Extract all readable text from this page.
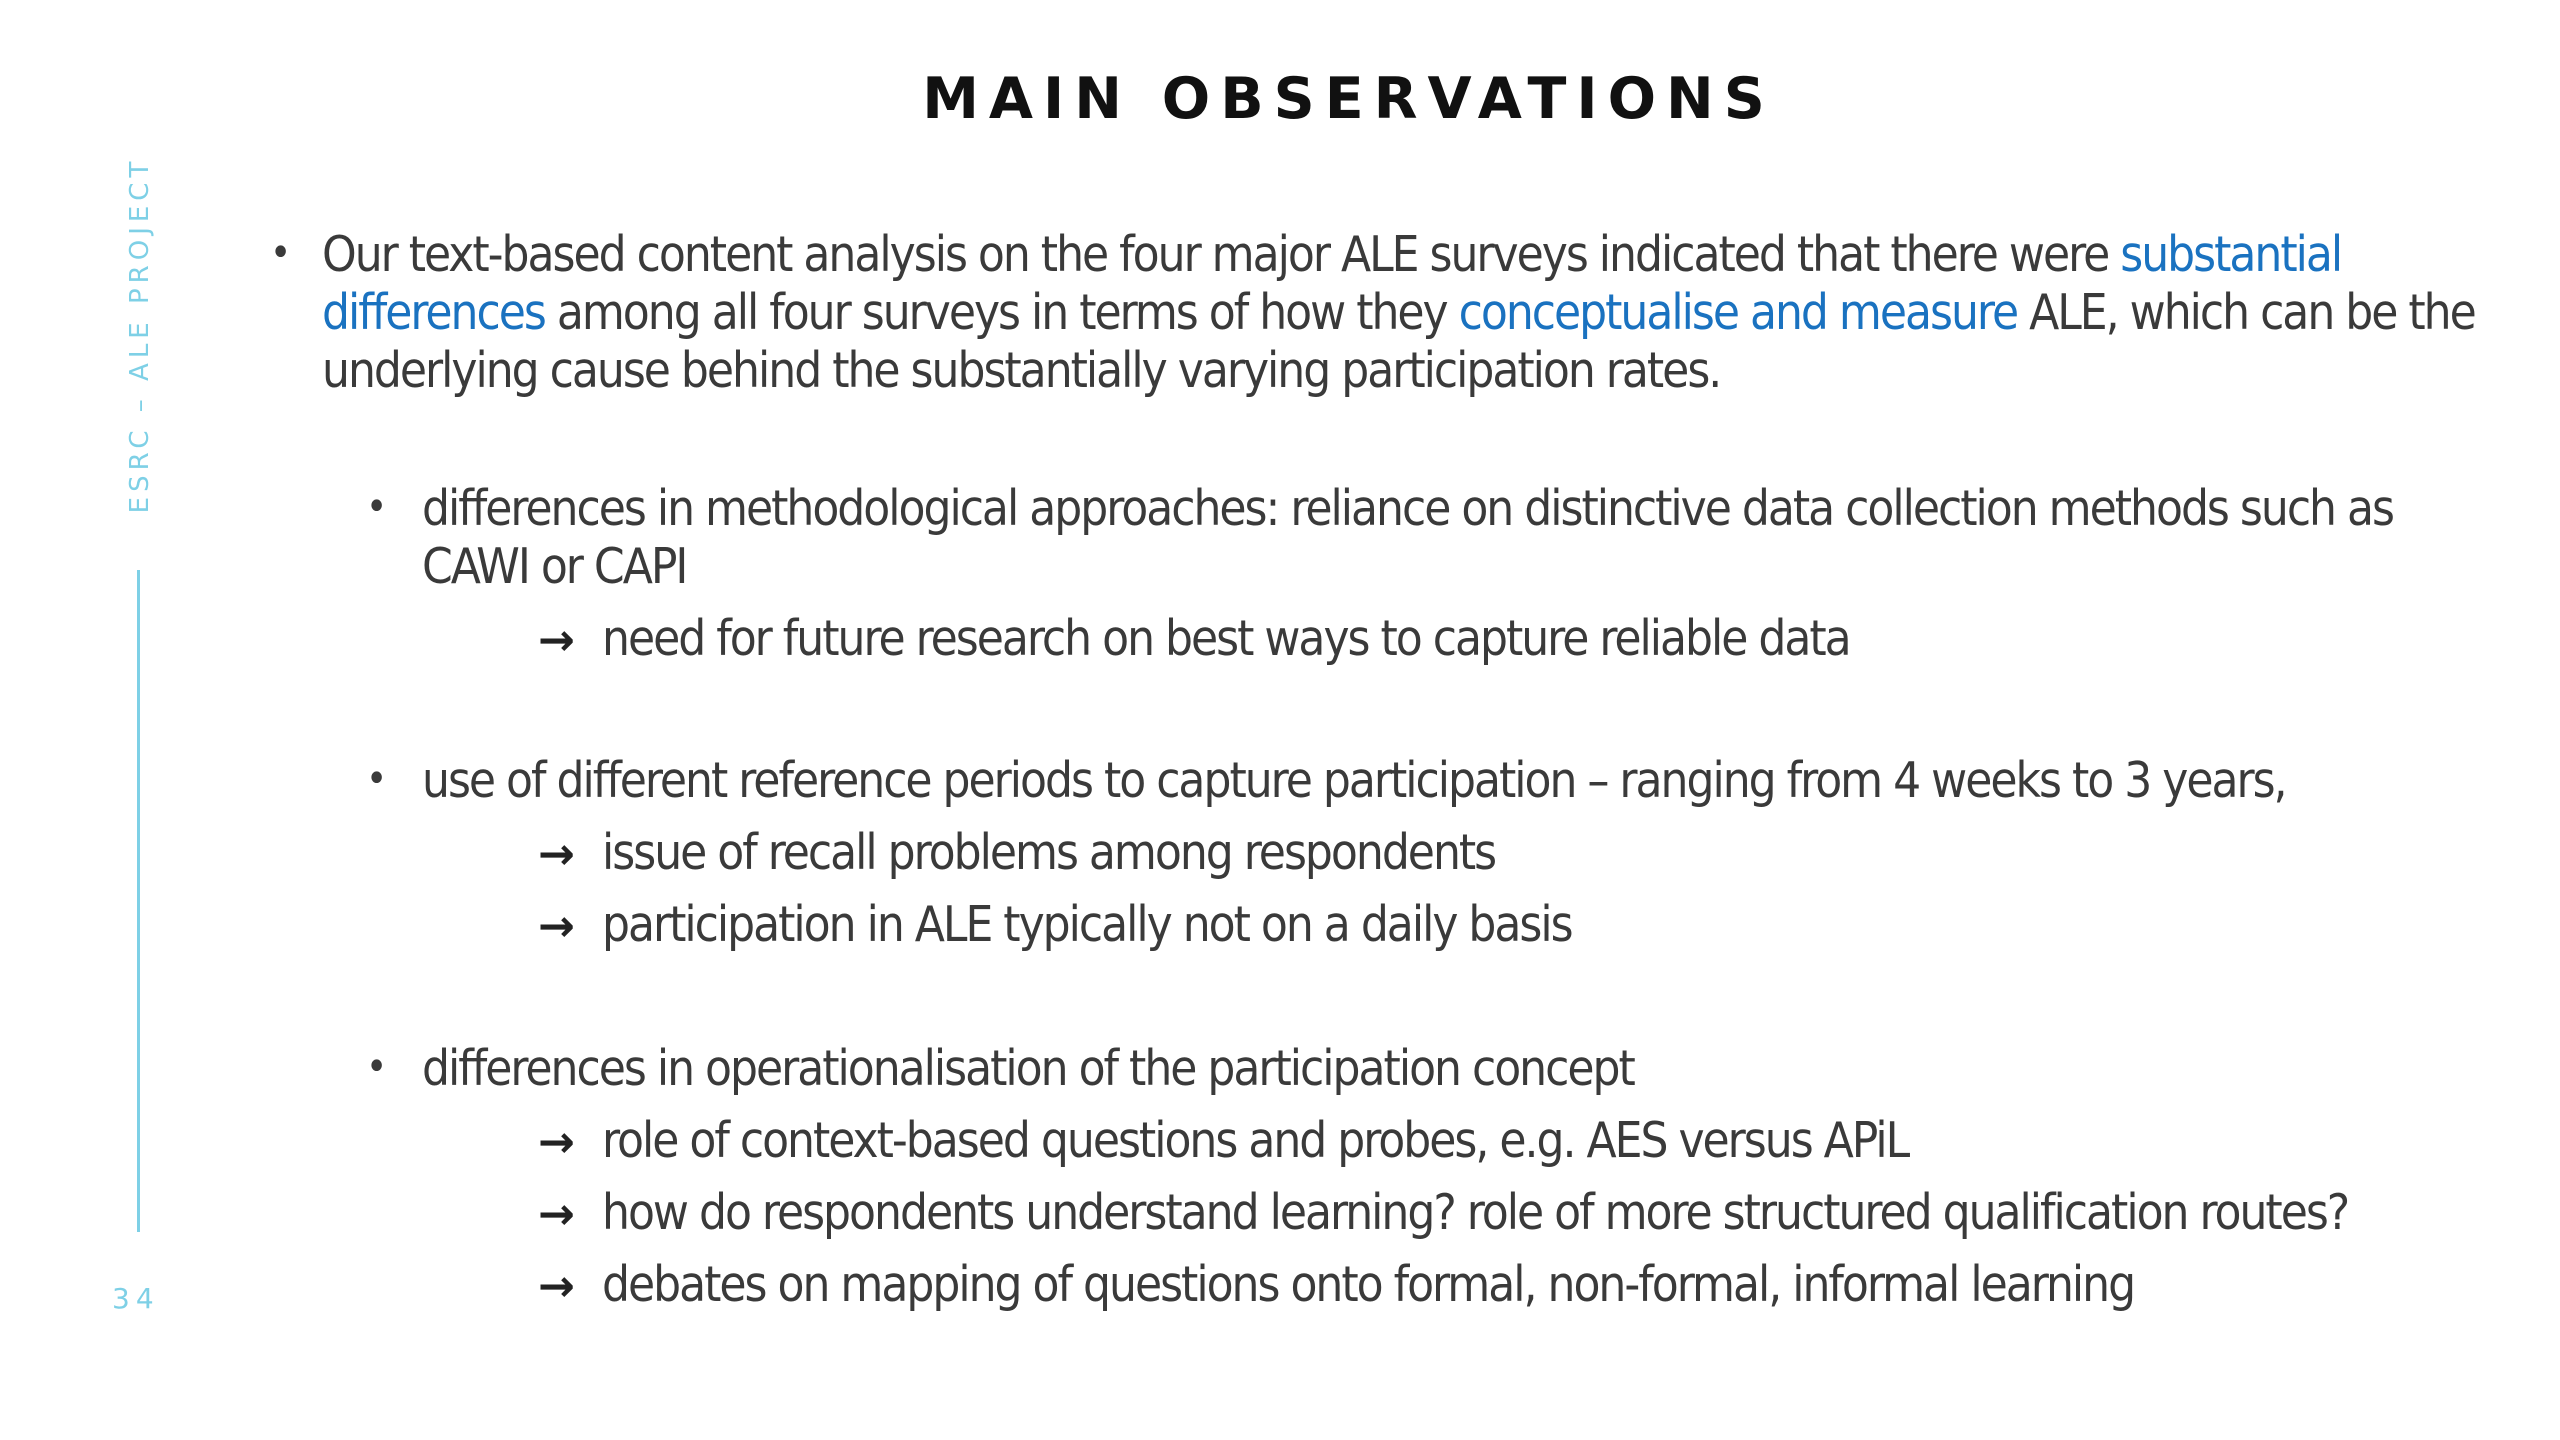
MAIN OBSERVATIONS
ESRC – ALE PROJECT
34
• Our text-based content analysis on the four major ALE surveys indicated that there were substantial
differences among all four surveys in terms of how they conceptualise and measure ALE, which can be the
underlying cause behind the substantially varying participation rates.
• differences in methodological approaches: reliance on distinctive data collection methods such as
CAWI or CAPI
→ need for future research on best ways to capture reliable data
• use of different reference periods to capture participation – ranging from 4 weeks to 3 years,
→ issue of recall problems among respondents
→ participation in ALE typically not on a daily basis
• differences in operationalisation of the participation concept
→ role of context-based questions and probes, e.g. AES versus APiL
→ how do respondents understand learning? role of more structured qualification routes?
→ debates on mapping of questions onto formal, non-formal, informal learning
